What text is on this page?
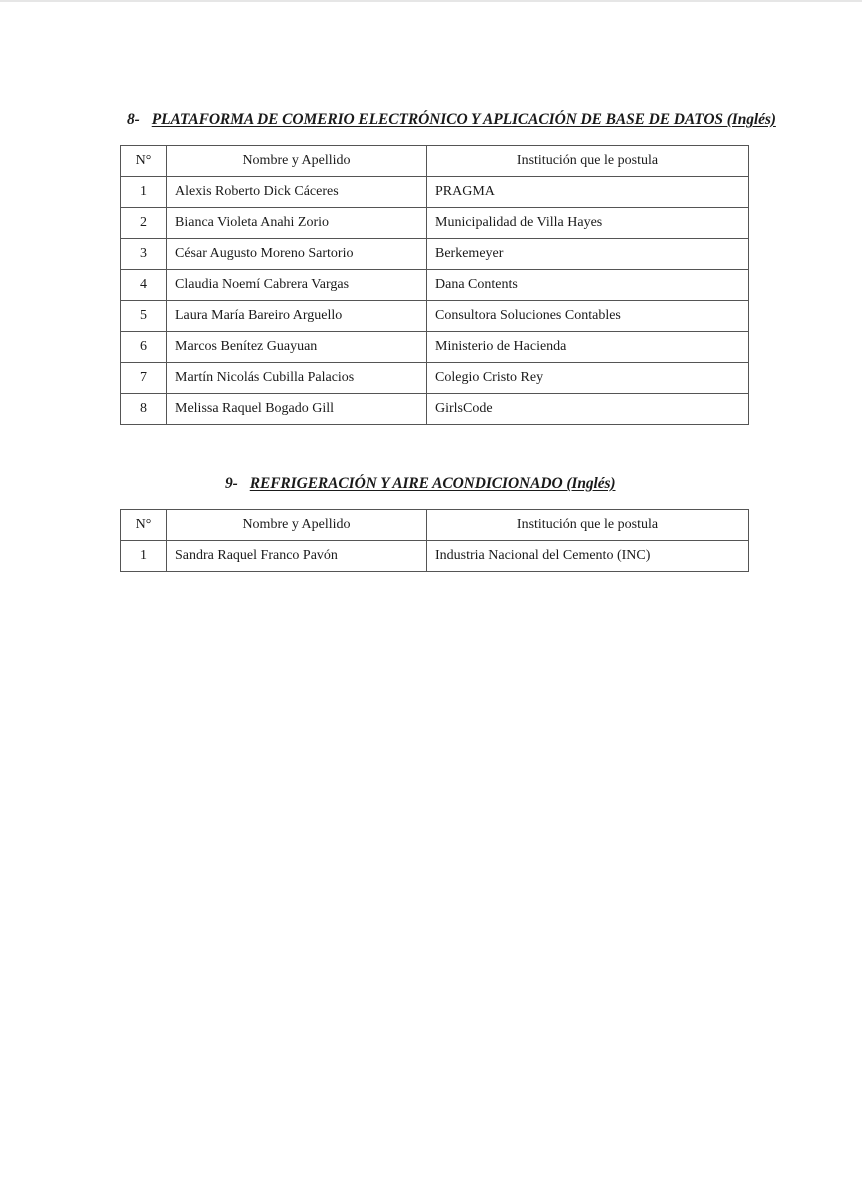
8- PLATAFORMA DE COMERIO ELECTRÓNICO Y APLICACIÓN DE BASE DE DATOS (Inglés)
N°	Nombre y Apellido	Institución que le postula
1	Alexis Roberto Dick Cáceres	PRAGMA
2	Bianca Violeta Anahi Zorio	Municipalidad de Villa Hayes
3	César Augusto Moreno Sartorio	Berkemeyer
4	Claudia Noemí Cabrera Vargas	Dana Contents
5	Laura María Bareiro Arguello	Consultora Soluciones Contables
6	Marcos Benítez Guayuan	Ministerio de Hacienda
7	Martín Nicolás Cubilla Palacios	Colegio Cristo Rey
8	Melissa Raquel Bogado Gill	GirlsCode
9- REFRIGERACIÓN Y AIRE ACONDICIONADO (Inglés)
N°	Nombre y Apellido	Institución que le postula
1	Sandra Raquel Franco Pavón	Industria Nacional del Cemento (INC)
